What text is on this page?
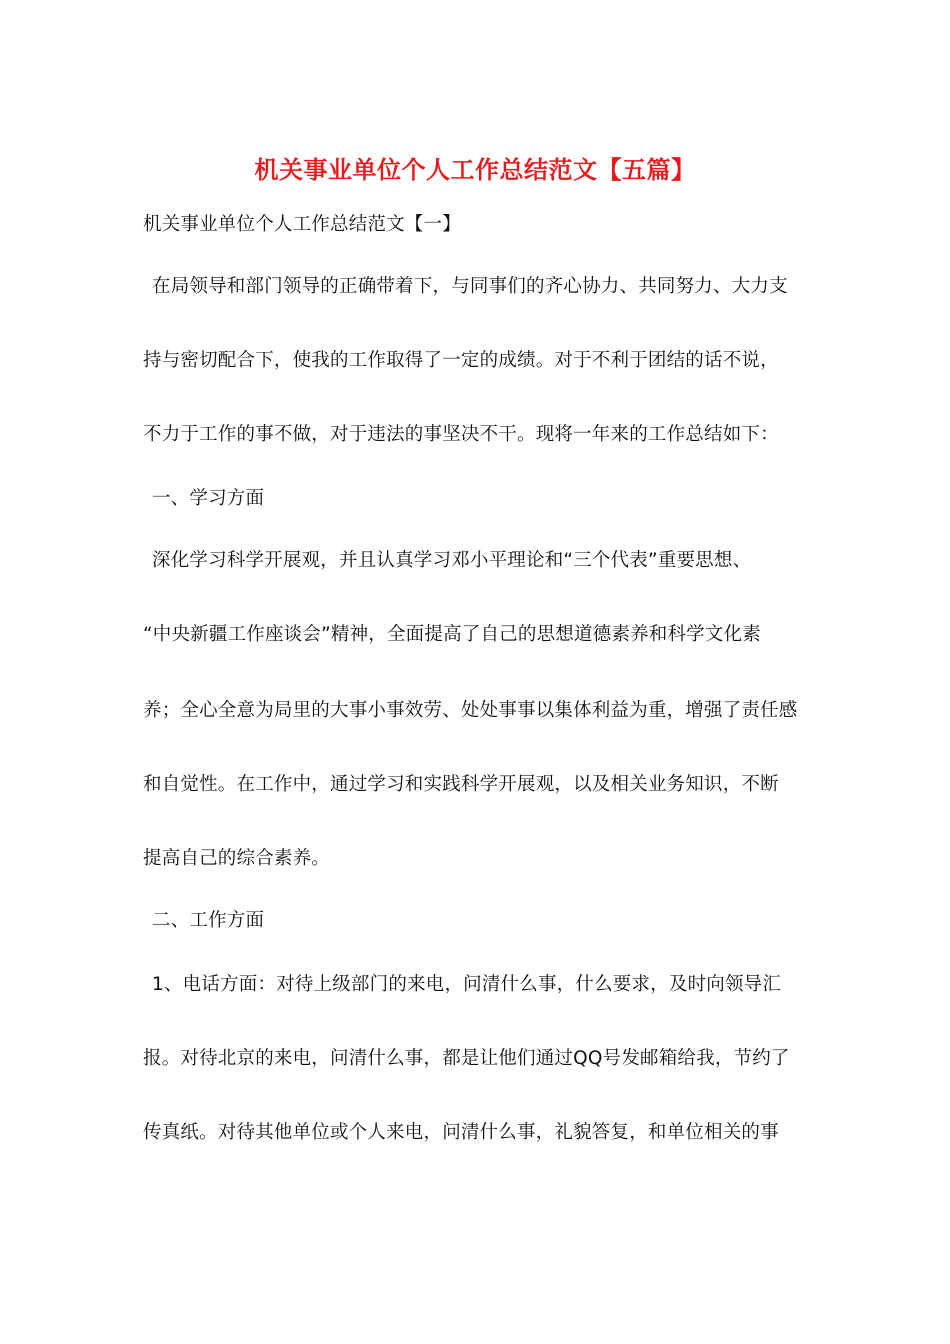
机关事业单位个人工作总结范文【五篇】
机关事业单位个人工作总结范文【一】
在局领导和部门领导的正确带着下，与同事们的齐心协力、共同努力、大力支
持与密切配合下，使我的工作取得了一定的成绩。对于不利于团结的话不说，
不力于工作的事不做，对于违法的事坚决不干。现将一年来的工作总结如下：
一、学习方面
深化学习科学开展观，并且认真学习邓小平理论和“三个代表”重要思想、
“中央新疆工作座谈会”精神，全面提高了自己的思想道德素养和科学文化素
养；全心全意为局里的大事小事效劳、处处事事以集体利益为重，增强了责任感
和自觉性。在工作中，通过学习和实践科学开展观，以及相关业务知识，不断
提高自己的综合素养。
二、工作方面
1、电话方面：对待上级部门的来电，问清什么事，什么要求，及时向领导汇
报。对待北京的来电，问清什么事，都是让他们通过QQ号发邮箱给我，节约了
传真纸。对待其他单位或个人来电，问清什么事，礼貌答复，和单位相关的事
